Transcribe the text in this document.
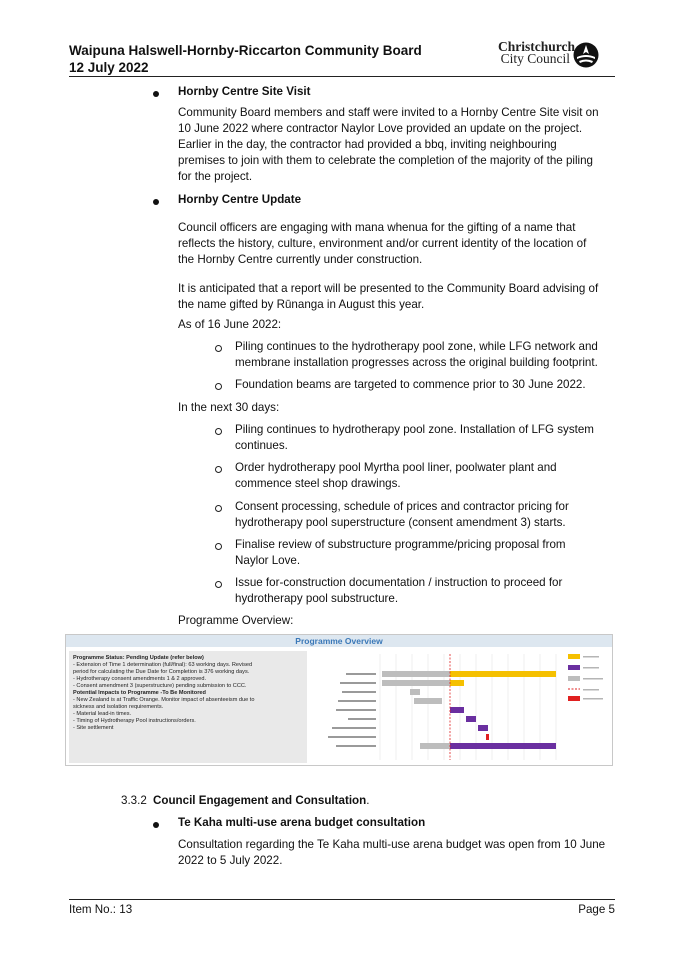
Waipuna Halswell-Hornby-Riccarton Community Board
12 July 2022
Christchurch
City Council

Hornby Centre Site Visit

Community Board members and staff were invited to a Hornby Centre Site visit on

10 June 2022 where contractor Naylor Love provided an update on the project.

Earlier in the day, the contractor had provided a bbq, inviting neighbouring

premises to join with them to celebrate the completion of the majority of the piling

for the project.

Hornby Centre Update

Council officers are engaging with mana whenua for the gifting of a name that

reflects the history, culture, environment and/or current identity of the location of

the Hornby Centre currently under construction.

It is anticipated that a report will be presented to the Community Board advising of

the name gifted by Rūnanga in August this year.

As of 16 June 2022:

Piling continues to the hydrotherapy pool zone, while LFG network and

membrane installation progresses across the original building footprint.

Foundation beams are targeted to commence prior to 30 June 2022.

In the next 30 days:

Piling continues to hydrotherapy pool zone. Installation of LFG system

continues.

Order hydrotherapy pool Myrtha pool liner, poolwater plant and

commence steel shop drawings.

Consent processing, schedule of prices and contractor pricing for

hydrotherapy pool superstructure (consent amendment 3) starts.

Finalise review of substructure programme/pricing proposal from

Naylor Love.

Issue for-construction documentation / instruction to proceed for

hydrotherapy pool substructure.

Programme Overview:

Programme Overview
Programme Status: Pending Update (refer below)
- Extension of Time 1 determination (full/final): 63 working days. Revised
period for calculating the Due Date for Completion is 376 working days.
- Hydrotherapy consent amendments 1 & 2 approved.
- Consent amendment 3 (superstructure) pending submission to CCC.
Potential Impacts to Programme -To Be Monitored
- New Zealand is at Traffic Orange. Monitor impact of absenteeism due to
sickness and isolation requirements.
- Material lead-in times.
- Timing of Hydrotherapy Pool instructions/orders.
- Site settlement

3.3.2 Council Engagement and Consultation.

Te Kaha multi-use arena budget consultation

Consultation regarding the Te Kaha multi-use arena budget was open from 10 June

2022 to 5 July 2022.

Item No.: 13	Page 5
